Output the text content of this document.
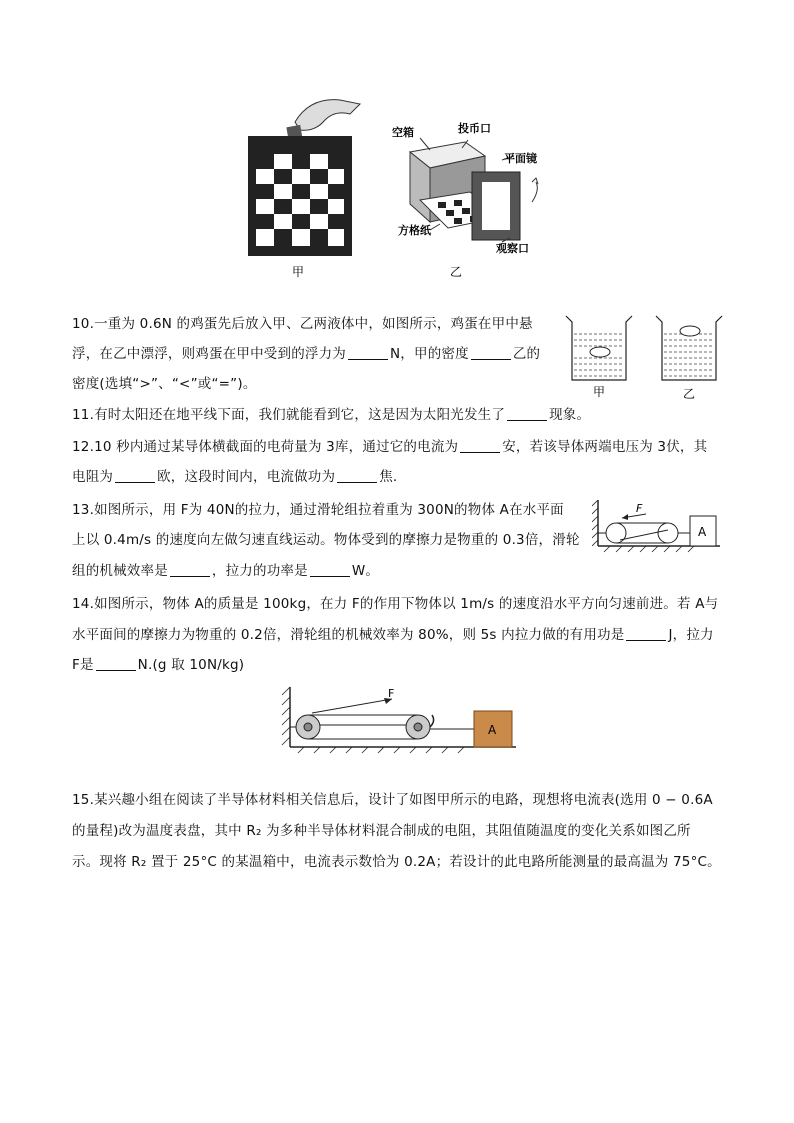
甲	乙
空箱	投币口
平面镜
方格纸
观察口
10.一重为 0.6N 的鸡蛋先后放入甲、乙两液体中，如图所示，鸡蛋在甲中悬
浮，在乙中漂浮，则鸡蛋在甲中受到的浮力为	N，甲的密度	乙的
密度(选填“>”、“<”或“=”)。	甲	乙
11.有时太阳还在地平线下面，我们就能看到它，这是因为太阳光发生了	现象。
12.10 秒内通过某导体横截面的电荷量为 3库，通过它的电流为	安，若该导体两端电压为 3伏，其
电阻为	欧，这段时间内，电流做功为	焦.
13.如图所示，用 F为 40N的拉力，通过滑轮组拉着重为 300N的物体 A在水平面
上以 0.4m/s 的速度向左做匀速直线运动。物体受到的摩擦力是物重的 0.3倍，滑轮
组的机械效率是	，拉力的功率是	W。
F
A
14.如图所示，物体 A的质量是 100kg，在力 F的作用下物体以 1m/s 的速度沿水平方向匀速前进。若 A与
水平面间的摩擦力为物重的 0.2倍，滑轮组的机械效率为 80%，则 5s 内拉力做的有用功是	J，拉力
F是	N.(g 取 10N/kg)
F
A
15.某兴趣小组在阅读了半导体材料相关信息后，设计了如图甲所示的电路，现想将电流表(选用 0 − 0.6A
的量程)改为温度表盘，其中 R₂ 为多种半导体材料混合制成的电阻，其阻值随温度的变化关系如图乙所
示。现将 R₂ 置于 25°C 的某温箱中，电流表示数恰为 0.2A；若设计的此电路所能测量的最高温为 75°C。
